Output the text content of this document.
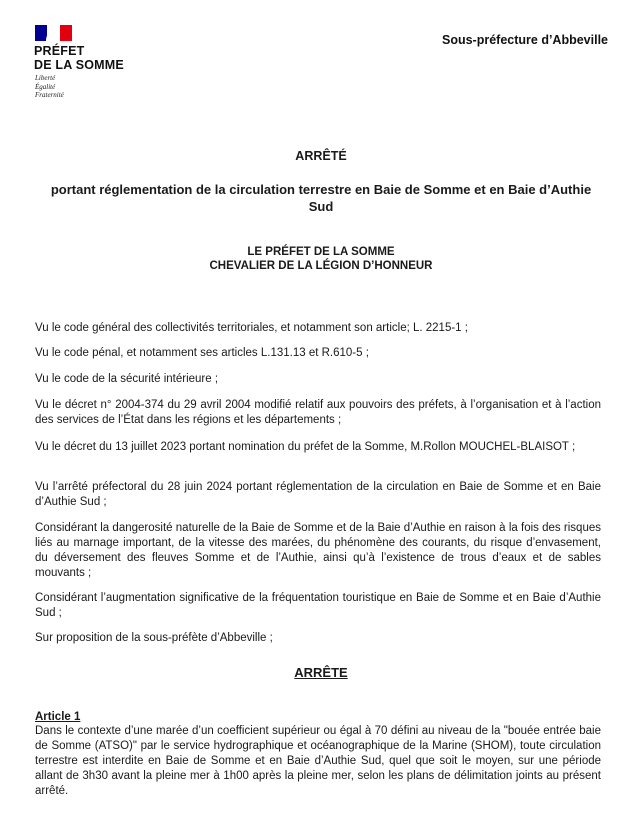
PRÉFET
DE LA SOMME
Liberté
Égalité
Fraternité
Sous-préfecture d’Abbeville
ARRÊTÉ
portant réglementation de la circulation terrestre en Baie de Somme et en Baie d’Authie Sud
LE PRÉFET DE LA SOMME
CHEVALIER DE LA LÉGION D’HONNEUR
Vu le code général des collectivités territoriales, et notamment son article; L. 2215-1 ;
Vu le code pénal, et notamment ses articles L.131.13 et R.610-5 ;
Vu le code de la sécurité intérieure ;
Vu le décret n° 2004-374 du 29 avril 2004 modifié relatif aux pouvoirs des préfets, à l’organisation et à l’action des services de l’État dans les régions et les départements ;
Vu le décret du 13 juillet 2023 portant nomination du préfet de la Somme, M.Rollon MOUCHEL-BLAISOT ;
Vu l’arrêté préfectoral du 28 juin 2024 portant réglementation de la circulation en Baie de Somme et en Baie d’Authie Sud ;
Considérant la dangerosité naturelle de la Baie de Somme et de la Baie d’Authie en raison à la fois des risques liés au marnage important, de la vitesse des marées, du phénomène des courants, du risque d’envasement, du déversement des fleuves Somme et de l’Authie, ainsi qu’à l’existence de trous d’eaux et de sables mouvants ;
Considérant l’augmentation significative de la fréquentation touristique en Baie de Somme et en Baie d’Authie Sud ;
Sur proposition de la sous-préfète d’Abbeville ;
ARRÊTE
Article 1
Dans le contexte d’une marée d’un coefficient supérieur ou égal à 70 défini au niveau de la "bouée entrée baie de Somme (ATSO)" par le service hydrographique et océanographique de la Marine (SHOM), toute circulation terrestre est interdite en Baie de Somme et en Baie d’Authie Sud, quel que soit le moyen, sur une période allant de 3h30 avant la pleine mer à 1h00 après la pleine mer, selon les plans de délimitation joints au présent arrêté.
